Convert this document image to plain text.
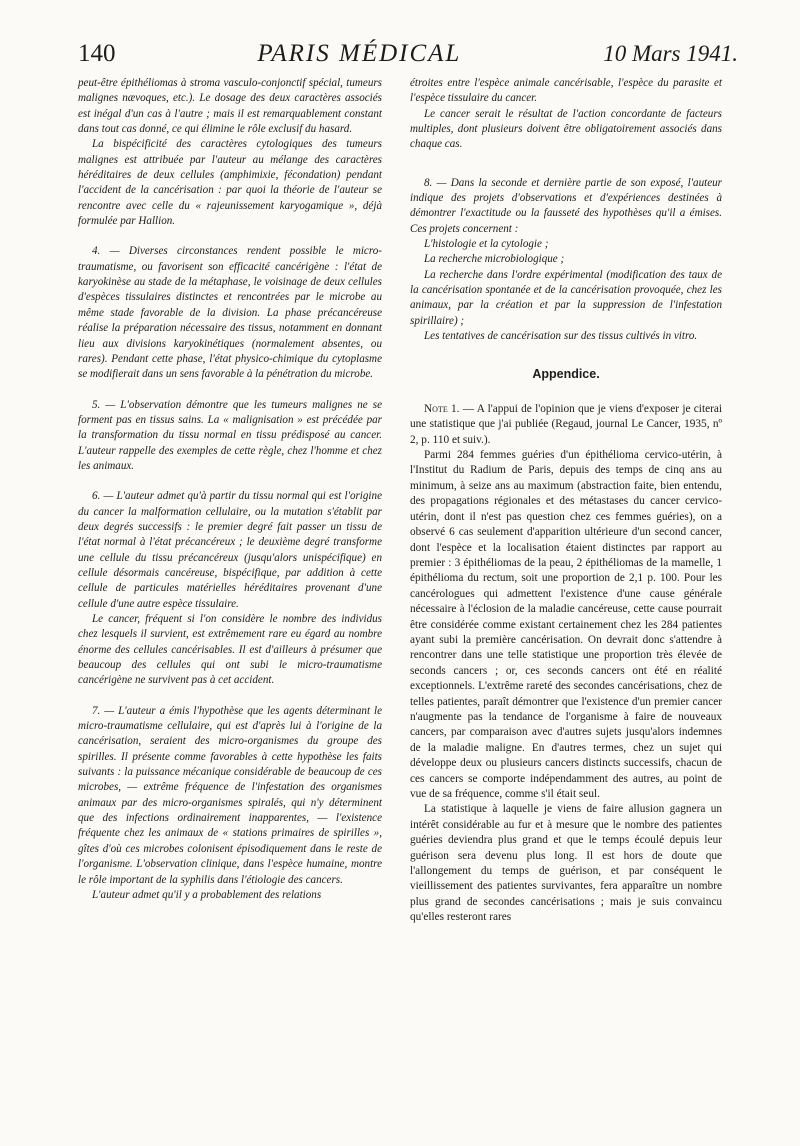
140	PARIS MÉDICAL	10 Mars 1941.

peut-être épithéliomas à stroma vasculo-conjonctif spécial, tumeurs malignes nævoques, etc.). Le dosage des deux caractères associés est inégal d'un cas à l'autre ; mais il est remarquablement constant dans tout cas donné, ce qui élimine le rôle exclusif du hasard.

La bispécificité des caractères cytologiques des tumeurs malignes est attribuée par l'auteur au mélange des caractères héréditaires de deux cellules (amphimixie, fécondation) pendant l'accident de la cancérisation : par quoi la théorie de l'auteur se rencontre avec celle du « rajeunissement karyogamique », déjà formulée par Hallion.

4. — Diverses circonstances rendent possible le micro-traumatisme, ou favorisent son efficacité cancérigène : l'état de karyokinèse au stade de la métaphase, le voisinage de deux cellules d'espèces tissulaires distinctes et rencontrées par le microbe au même stade favorable de la division. La phase précancéreuse réalise la préparation nécessaire des tissus, notamment en donnant lieu aux divisions karyokinétiques (normalement absentes, ou rares). Pendant cette phase, l'état physico-chimique du cytoplasme se modifierait dans un sens favorable à la pénétration du microbe.

5. — L'observation démontre que les tumeurs malignes ne se forment pas en tissus sains. La « malignisation » est précédée par la transformation du tissu normal en tissu prédisposé au cancer. L'auteur rappelle des exemples de cette règle, chez l'homme et chez les animaux.

6. — L'auteur admet qu'à partir du tissu normal qui est l'origine du cancer la malformation cellulaire, ou la mutation s'établit par deux degrés successifs : le premier degré fait passer un tissu de l'état normal à l'état précancéreux ; le deuxième degré transforme une cellule du tissu précancéreux (jusqu'alors unispécifique) en cellule désormais cancéreuse, bispécifique, par addition à cette cellule de particules matérielles héréditaires provenant d'une cellule d'une autre espèce tissulaire.

Le cancer, fréquent si l'on considère le nombre des individus chez lesquels il survient, est extrêmement rare eu égard au nombre énorme des cellules cancérisables. Il est d'ailleurs à présumer que beaucoup des cellules qui ont subi le micro-traumatisme cancérigène ne survivent pas à cet accident.

7. — L'auteur a émis l'hypothèse que les agents déterminant le micro-traumatisme cellulaire, qui est d'après lui à l'origine de la cancérisation, seraient des micro-organismes du groupe des spirilles. Il présente comme favorables à cette hypothèse les faits suivants : la puissance mécanique considérable de beaucoup de ces microbes, — extrême fréquence de l'infestation des organismes animaux par des micro-organismes spiralés, qui n'y déterminent que des infections ordinairement inapparentes, — l'existence fréquente chez les animaux de « stations primaires de spirilles », gîtes d'où ces microbes colonisent épisodiquement dans le reste de l'organisme. L'observation clinique, dans l'espèce humaine, montre le rôle important de la syphilis dans l'étiologie des cancers.

L'auteur admet qu'il y a probablement des relations

étroites entre l'espèce animale cancérisable, l'espèce du parasite et l'espèce tissulaire du cancer.

Le cancer serait le résultat de l'action concordante de facteurs multiples, dont plusieurs doivent être obligatoirement associés dans chaque cas.

8. — Dans la seconde et dernière partie de son exposé, l'auteur indique des projets d'observations et d'expériences destinées à démontrer l'exactitude ou la fausseté des hypothèses qu'il a émises. Ces projets concernent :

L'histologie et la cytologie ;

La recherche microbiologique ;

La recherche dans l'ordre expérimental (modification des taux de la cancérisation spontanée et de la cancérisation provoquée, chez les animaux, par la création et par la suppression de l'infestation spirillaire) ;

Les tentatives de cancérisation sur des tissus cultivés in vitro.

Appendice.

Note 1. — A l'appui de l'opinion que je viens d'exposer je citerai une statistique que j'ai publiée (Regaud, journal Le Cancer, 1935, nº 2, p. 110 et suiv.).

Parmi 284 femmes guéries d'un épithélioma cervico-utérin, à l'Institut du Radium de Paris, depuis des temps de cinq ans au minimum, à seize ans au maximum (abstraction faite, bien entendu, des propagations régionales et des métastases du cancer cervico-utérin, dont il n'est pas question chez ces femmes guéries), on a observé 6 cas seulement d'apparition ultérieure d'un second cancer, dont l'espèce et la localisation étaient distinctes par rapport au premier : 3 épithéliomas de la peau, 2 épithéliomas de la mamelle, 1 épithélioma du rectum, soit une proportion de 2,1 p. 100. Pour les cancérologues qui admettent l'existence d'une cause générale nécessaire à l'éclosion de la maladie cancéreuse, cette cause pourrait être considérée comme existant certainement chez les 284 patientes ayant subi la première cancérisation. On devrait donc s'attendre à rencontrer dans une telle statistique une proportion très élevée de seconds cancers ; or, ces seconds cancers ont été en réalité exceptionnels. L'extrême rareté des secondes cancérisations, chez de telles patientes, paraît démontrer que l'existence d'un premier cancer n'augmente pas la tendance de l'organisme à faire de nouveaux cancers, par comparaison avec d'autres sujets jusqu'alors indemnes de la maladie maligne. En d'autres termes, chez un sujet qui développe deux ou plusieurs cancers distincts successifs, chacun de ces cancers se comporte indépendamment des autres, au point de vue de sa fréquence, comme s'il était seul.

La statistique à laquelle je viens de faire allusion gagnera un intérêt considérable au fur et à mesure que le nombre des patientes guéries deviendra plus grand et que le temps écoulé depuis leur guérison sera devenu plus long. Il est hors de doute que l'allongement du temps de guérison, et par conséquent le vieillissement des patientes survivantes, fera apparaître un nombre plus grand de secondes cancérisations ; mais je suis convaincu qu'elles resteront rares
